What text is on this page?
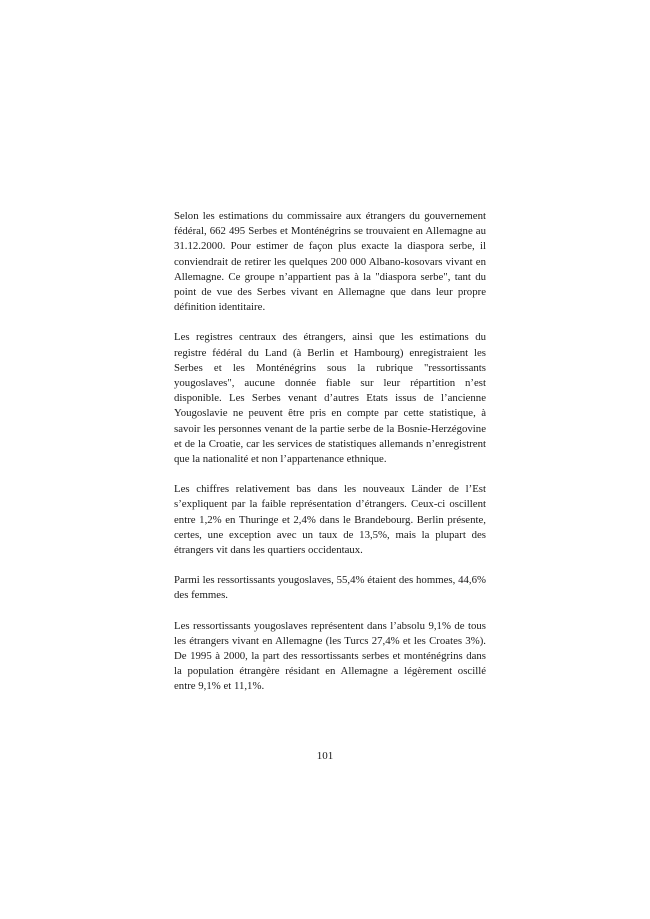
Selon les estimations du commissaire aux étrangers du gouvernement fédéral, 662 495 Serbes et Monténégrins se trouvaient en Allemagne au 31.12.2000. Pour estimer de façon plus exacte la diaspora serbe, il conviendrait de retirer les quelques 200 000 Albano-kosovars vivant en Allemagne. Ce groupe n’appartient pas à la "diaspora serbe", tant du point de vue des Serbes vivant en Allemagne que dans leur propre définition identitaire.

Les registres centraux des étrangers, ainsi que les estimations du registre fédéral du Land (à Berlin et Hambourg) enregistraient les Serbes et les Monténégrins sous la rubrique "ressortissants yougoslaves", aucune donnée fiable sur leur répartition n’est disponible. Les Serbes venant d’autres Etats issus de l’ancienne Yougoslavie ne peuvent être pris en compte par cette statistique, à savoir les personnes venant de la partie serbe de la Bosnie-Herzégovine et de la Croatie, car les services de statistiques allemands n’enregistrent que la nationalité et non l’appartenance ethnique.

Les chiffres relativement bas dans les nouveaux Länder de l’Est s’expliquent par la faible représentation d’étrangers. Ceux-ci oscillent entre 1,2% en Thuringe et 2,4% dans le Brandebourg. Berlin présente, certes, une exception avec un taux de 13,5%, mais la plupart des étrangers vit dans les quartiers occidentaux.

Parmi les ressortissants yougoslaves, 55,4% étaient des hommes, 44,6% des femmes.

Les ressortissants yougoslaves représentent dans l’absolu 9,1% de tous les étrangers vivant en Allemagne (les Turcs 27,4% et les Croates 3%). De 1995 à 2000, la part des ressortissants serbes et monténégrins dans la population étrangère résidant en Allemagne a légèrement oscillé entre 9,1% et 11,1%.

101
